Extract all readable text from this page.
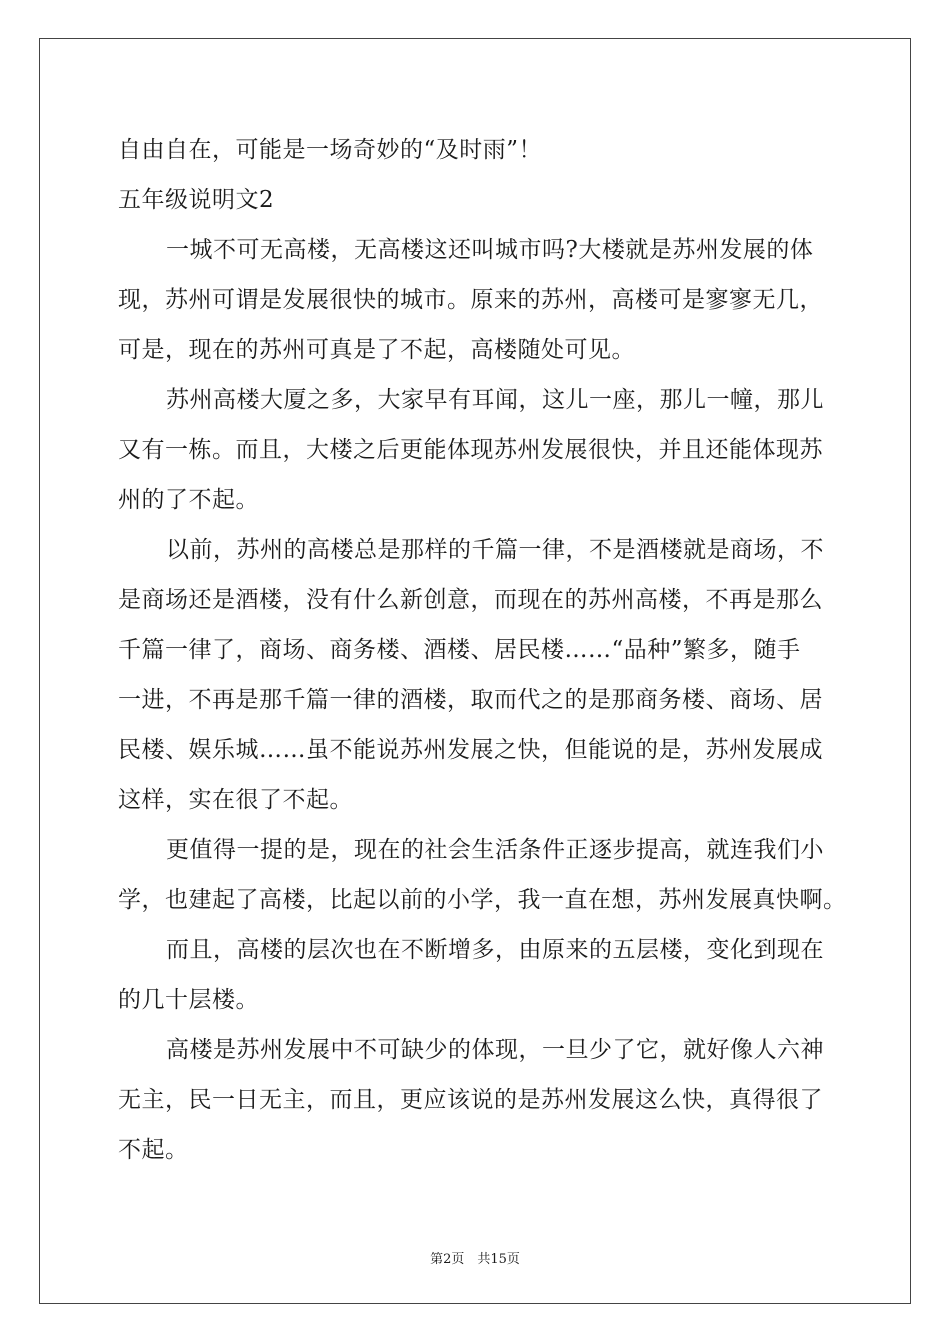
自由自在，可能是一场奇妙的“及时雨”！
五年级说明文2
一城不可无高楼，无高楼这还叫城市吗?大楼就是苏州发展的体
现，苏州可谓是发展很快的城市。原来的苏州，高楼可是寥寥无几，
可是，现在的苏州可真是了不起，高楼随处可见。
苏州高楼大厦之多，大家早有耳闻，这儿一座，那儿一幢，那儿
又有一栋。而且，大楼之后更能体现苏州发展很快，并且还能体现苏
州的了不起。
以前，苏州的高楼总是那样的千篇一律，不是酒楼就是商场，不
是商场还是酒楼，没有什么新创意，而现在的苏州高楼，不再是那么
千篇一律了，商场、商务楼、酒楼、居民楼……“品种”繁多，随手
一进，不再是那千篇一律的酒楼，取而代之的是那商务楼、商场、居
民楼、娱乐城……虽不能说苏州发展之快，但能说的是，苏州发展成
这样，实在很了不起。
更值得一提的是，现在的社会生活条件正逐步提高，就连我们小
学，也建起了高楼，比起以前的小学，我一直在想，苏州发展真快啊。
而且，高楼的层次也在不断增多，由原来的五层楼，变化到现在
的几十层楼。
高楼是苏州发展中不可缺少的体现，一旦少了它，就好像人六神
无主，民一日无主，而且，更应该说的是苏州发展这么快，真得很了
不起。
第2页　共15页
